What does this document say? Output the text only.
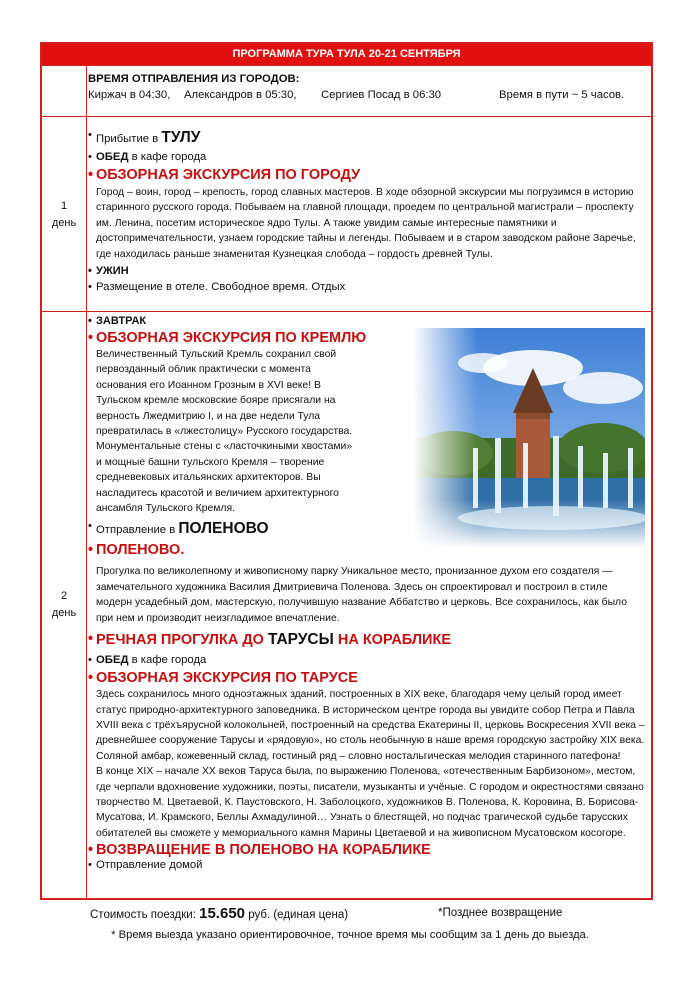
ПРОГРАММА ТУРА ТУЛА 20-21 СЕНТЯБРЯ
ВРЕМЯ ОТПРАВЛЕНИЯ ИЗ ГОРОДОВ:
Киржач в 04:30, Александров в 05:30, Сергиев Посад в 06:30	Время в пути ~ 5 часов.
1
день
• Прибытие в ТУЛУ
• ОБЕД в кафе города
• ОБЗОРНАЯ ЭКСКУРСИЯ ПО ГОРОДУ
Город – воин, город – крепость, город славных мастеров. В ходе обзорной экскурсии мы погрузимся в историю старинного русского города. Побываем на главной площади, проедем по центральной магистрали – проспекту им. Ленина, посетим историческое ядро Тулы. А также увидим самые интересные памятники и достопримечательности, узнаем городские тайны и легенды. Побываем и в старом заводском районе Заречье, где находилась раньше знаменитая Кузнецкая слобода – гордость древней Тулы.
• УЖИН
• Размещение в отеле. Свободное время. Отдых
2
день
• ЗАВТРАК
• ОБЗОРНАЯ ЭКСКУРСИЯ ПО КРЕМЛЮ
Величественный Тульский Кремль сохранил свой первозданный облик практически с момента основания его Иоанном Грозным в XVI веке! В Тульском кремле московские бояре присягали на верность Лжедмитрию I, и на две недели Тула превратилась в «лжестолицу» Русского государства. Монументальные стены с «ласточкиными хвостами» и мощные башни тульского Кремля – творение средневековых итальянских архитекторов. Вы насладитесь красотой и величием архитектурного ансамбля Тульского Кремля.
• Отправление в ПОЛЕНОВО
• ПОЛЕНОВО.
Прогулка по великолепному и живописному парку Уникальное место, пронизанное духом его создателя — замечательного художника Василия Дмитриевича Поленова. Здесь он спроектировал и построил в стиле модерн усадебный дом, мастерскую, получившую название Аббатство и церковь. Все сохранилось, как было при нем и производит неизгладимое впечатление.
• РЕЧНАЯ ПРОГУЛКА ДО ТАРУСЫ НА КОРАБЛИКЕ
• ОБЕД в кафе города
• ОБЗОРНАЯ ЭКСКУРСИЯ ПО ТАРУСЕ
Здесь сохранилось много одноэтажных зданий, построенных в XIX веке, благодаря чему целый город имеет статус природно-архитектурного заповедника. В историческом центре города вы увидите собор Петра и Павла XVIII века с трёхъярусной колокольней, построенный на средства Екатерины II, церковь Воскресения XVII века – древнейшее сооружение Тарусы и «рядовую», но столь необычную в наше время городскую застройку XIX века. Соляной амбар, кожевенный склад, гостиный ряд – словно ностальгическая мелодия старинного патефона!
В конце XIX – начале XX веков Таруса была, по выражению Поленова, «отечественным Барбизоном», местом, где черпали вдохновение художники, поэты, писатели, музыканты и учёные. С городом и окрестностями связано творчество М. Цветаевой, К. Паустовского, Н. Заболоцкого, художников В. Поленова, К. Коровина, В. Борисова-Мусатова, И. Крамского, Беллы Ахмадулиной… Узнать о блестящей, но подчас трагической судьбе тарусских обитателей вы сможете у мемориального камня Марины Цветаевой и на живописном Мусатовском косогоре.
• ВОЗВРАЩЕНИЕ В ПОЛЕНОВО НА КОРАБЛИКЕ
• Отправление домой
Стоимость поездки: 15.650 руб. (единая цена)	*Позднее возвращение
* Время выезда указано ориентировочное, точное время мы сообщим за 1 день до выезда.
